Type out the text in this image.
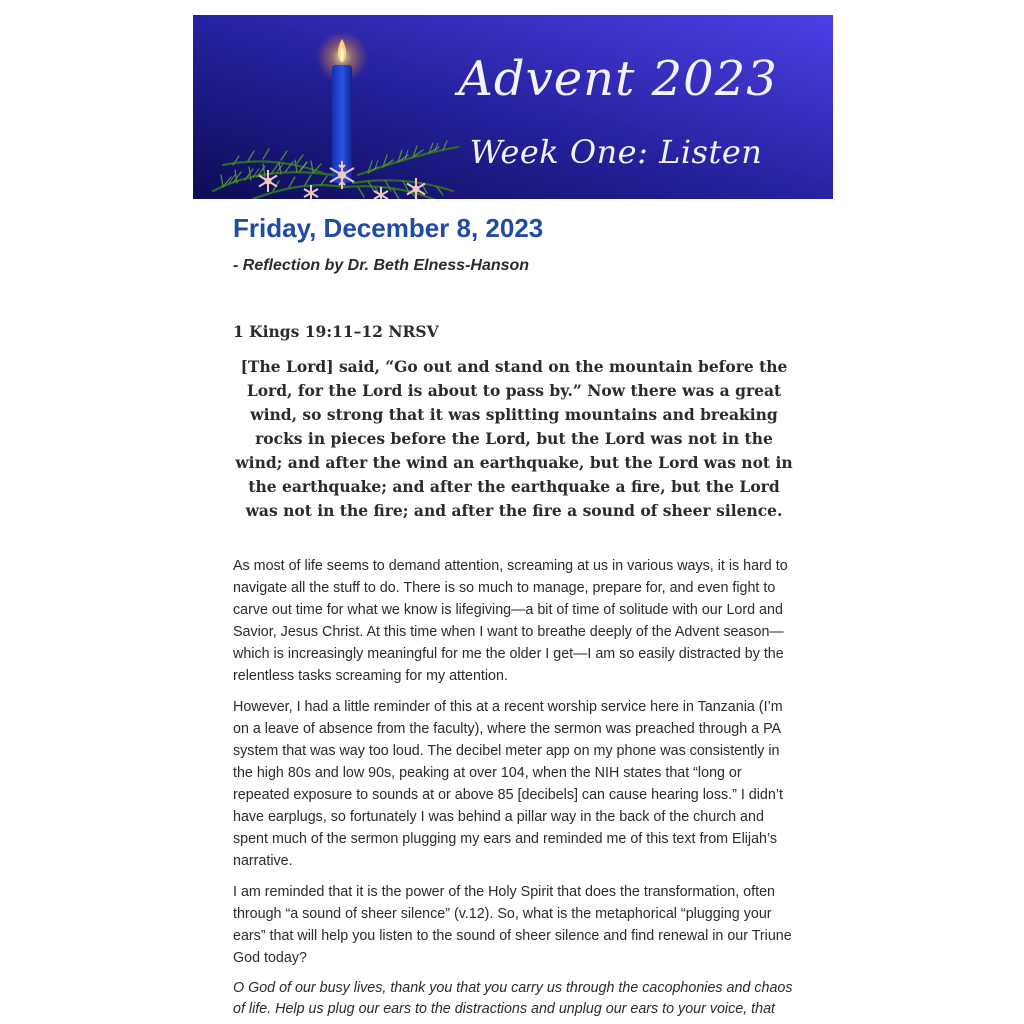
Advent 2023
Week One: Listen
Friday, December 8, 2023

- Reflection by Dr. Beth Elness-Hanson

1 Kings 19:11–12 NRSV

[The Lord] said, “Go out and stand on the mountain before the Lord, for the Lord is about to pass by.” Now there was a great wind, so strong that it was splitting mountains and breaking rocks in pieces before the Lord, but the Lord was not in the wind; and after the wind an earthquake, but the Lord was not in the earthquake; and after the earthquake a fire, but the Lord was not in the fire; and after the fire a sound of sheer silence.

As most of life seems to demand attention, screaming at us in various ways, it is hard to navigate all the stuff to do. There is so much to manage, prepare for, and even fight to carve out time for what we know is lifegiving—a bit of time of solitude with our Lord and Savior, Jesus Christ. At this time when I want to breathe deeply of the Advent season—which is increasingly meaningful for me the older I get—I am so easily distracted by the relentless tasks screaming for my attention.

However, I had a little reminder of this at a recent worship service here in Tanzania (I’m on a leave of absence from the faculty), where the sermon was preached through a PA system that was way too loud. The decibel meter app on my phone was consistently in the high 80s and low 90s, peaking at over 104, when the NIH states that “long or repeated exposure to sounds at or above 85 [decibels] can cause hearing loss.” I didn’t have earplugs, so fortunately I was behind a pillar way in the back of the church and spent much of the sermon plugging my ears and reminded me of this text from Elijah’s narrative.

I am reminded that it is the power of the Holy Spirit that does the transformation, often through “a sound of sheer silence” (v.12). So, what is the metaphorical “plugging your ears” that will help you listen to the sound of sheer silence and find renewal in our Triune God today?

O God of our busy lives, thank you that you carry us through the cacophonies and chaos of life. Help us plug our ears to the distractions and unplug our ears to your voice, that
